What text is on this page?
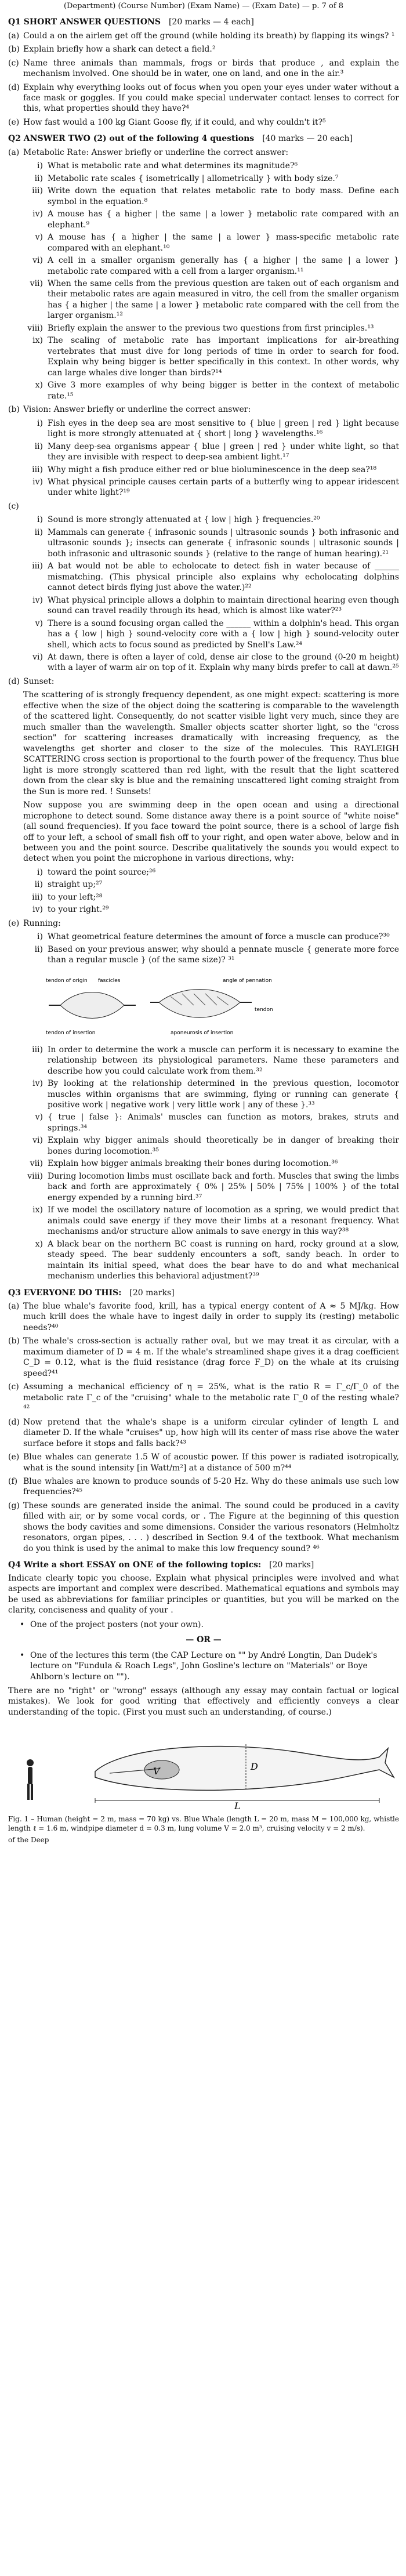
(Department) (Course Number) (Exam Name) — (Exam Date) — p. 7 of 8
Q1 SHORT ANSWER QUESTIONS [20 marks — 4 each]
(a) Could a on the airlem get off the ground (while holding its breath) by flapping its wings? ¹
(b) Explain briefly how a shark can detect a field.²
(c) Name three animals than mammals, frogs or birds that produce , and explain the mechanism involved. One should be in water, one on land, and one in the air.³
(d) Explain why everything looks out of focus when you open your eyes under water without a face mask or goggles. If you could make special underwater contact lenses to correct for this, what properties should they have?⁴
(e) How fast would a 100 kg Giant Goose fly, if it could, and why couldn't it?⁵
Q2 ANSWER TWO (2) out of the following 4 questions [40 marks — 20 each]
(a) Metabolic Rate: Answer briefly or underline the correct answer:
i) What is metabolic rate and what determines its magnitude?⁶
ii) Metabolic rate scales { isometrically | allometrically } with body size.⁷
iii) Write down the equation that relates metabolic rate to body mass. Define each symbol in the equation.⁸
iv) A mouse has { a higher | the same | a lower } metabolic rate compared with an elephant.⁹
v) A mouse has { a higher | the same | a lower } mass-specific metabolic rate compared with an elephant.¹⁰
vi) A cell in a smaller organism generally has { a higher | the same | a lower } metabolic rate compared with a cell from a larger organism.¹¹
vii) When the same cells from the previous question are taken out of each organism and their metabolic rates are again measured in vitro, the cell from the smaller organism has { a higher | the same | a lower } metabolic rate compared with the cell from the larger organism.¹²
viii) Briefly explain the answer to the previous two questions from first principles.¹³
ix) The scaling of metabolic rate has important implications for air-breathing vertebrates that must dive for long periods of time in order to search for food. Explain why being bigger is better specifically in this context. In other words, why can large whales dive longer than birds?¹⁴
x) Give 3 more examples of why being bigger is better in the context of metabolic rate.¹⁵
(b) Vision: Answer briefly or underline the correct answer:
i) Fish eyes in the deep sea are most sensitive to { blue | green | red } light because light is more strongly attenuated at { short | long } wavelengths.¹⁶
ii) Many deep-sea organisms appear { blue | green | red } under white light, so that they are invisible with respect to deep-sea ambient light.¹⁷
iii) Why might a fish produce either red or blue bioluminescence in the deep sea?¹⁸
iv) What physical principle causes certain parts of a butterfly wing to appear iridescent under white light?¹⁹
(c)
i) Sound is more strongly attenuated at { low | high } frequencies.²⁰
ii) Mammals can generate { infrasonic sounds | ultrasonic sounds } both infrasonic and ultrasonic sounds }; insects can generate { infrasonic sounds | ultrasonic sounds | both infrasonic and ultrasonic sounds } (relative to the range of human hearing).²¹
iii) A bat would not be able to echolocate to detect fish in water because of ______ mismatching. (This physical principle also explains why echolocating dolphins cannot detect birds flying just above the water.)²²
iv) What physical principle allows a dolphin to maintain directional hearing even though sound can travel readily through its head, which is almost like water?²³
v) There is a sound focusing organ called the ______ within a dolphin's head. This organ has a { low | high } sound-velocity core with a { low | high } sound-velocity outer shell, which acts to focus sound as predicted by Snell's Law.²⁴
vi) At dawn, there is often a layer of cold, dense air close to the ground (0-20 m height) with a layer of warm air on top of it. Explain why many birds prefer to call at dawn.²⁵
(d) Sunset:
The scattering of is strongly frequency dependent, as one might expect: scattering is more effective when the size of the object doing the scattering is comparable to the wavelength of the scattered light. Consequently, do not scatter visible light very much, since they are much smaller than the wavelength. Smaller objects scatter shorter light, so the "cross section" for scattering increases dramatically with increasing frequency, as the wavelengths get shorter and closer to the size of the molecules. This RAYLEIGH SCATTERING cross section is proportional to the fourth power of the frequency. Thus blue light is more strongly scattered than red light, with the result that the light scattered down from the clear sky is blue and the remaining unscattered light coming straight from the Sun is more red. ! Sunsets!
Now suppose you are swimming deep in the open ocean and using a directional microphone to detect sound. Some distance away there is a point source of "white noise" (all sound frequencies). If you face toward the point source, there is a school of large fish off to your left, a school of small fish off to your right, and open water above, below and in between you and the point source. Describe qualitatively the sounds you would expect to detect when you point the microphone in various directions, why:
i) toward the point source;²⁶
ii) straight up;²⁷
iii) to your left;²⁸
iv) to your right.²⁹
(e) Running:
i) What geometrical feature determines the amount of force a muscle can produce?³⁰
ii) Based on your previous answer, why should a pennate muscle { generate more force than a regular muscle } (of the same size)? ³¹
tendon of origin fascicles
tendon of insertion
angle of pennation
aponeurosis of insertion
tendon
iii) In order to determine the work a muscle can perform it is necessary to examine the relationship between its physiological parameters. Name these parameters and describe how you could calculate work from them.³²
iv) By looking at the relationship determined in the previous question, locomotor muscles within organisms that are swimming, flying or running can generate { positive work | negative work | very little work | any of these }.³³
v) { true | false }: Animals' muscles can function as motors, brakes, struts and springs.³⁴
vi) Explain why bigger animals should theoretically be in danger of breaking their bones during locomotion.³⁵
vii) Explain how bigger animals breaking their bones during locomotion.³⁶
viii) During locomotion limbs must oscillate back and forth. Muscles that swing the limbs back and forth are approximately { 0% | 25% | 50% | 75% | 100% } of the total energy expended by a running bird.³⁷
ix) If we model the oscillatory nature of locomotion as a spring, we would predict that animals could save energy if they move their limbs at a resonant frequency. What mechanisms and/or structure allow animals to save energy in this way?³⁸
x) A black bear on the northern BC coast is running on hard, rocky ground at a slow, steady speed. The bear suddenly encounters a soft, sandy beach. In order to maintain its initial speed, what does the bear have to do and what mechanical mechanism underlies this behavioral adjustment?³⁹
Q3 EVERYONE DO THIS: [20 marks]
(a) The blue whale's favorite food, krill, has a typical energy content of A ≈ 5 MJ/kg. How much krill does the whale have to ingest daily in order to supply its (resting) metabolic needs?⁴⁰
(b) The whale's cross-section is actually rather oval, but we may treat it as circular, with a maximum diameter of D = 4 m. If the whale's streamlined shape gives it a drag coefficient C_D = 0.12, what is the fluid resistance (drag force F_D) on the whale at its cruising speed?⁴¹
(c) Assuming a mechanical efficiency of η = 25%, what is the ratio R = Γ_c/Γ_0 of the metabolic rate Γ_c of the "cruising" whale to the metabolic rate Γ_0 of the resting whale?⁴²
(d) Now pretend that the whale's shape is a uniform circular cylinder of length L and diameter D. If the whale "cruises" up, how high will its center of mass rise above the water surface before it stops and falls back?⁴³
(e) Blue whales can generate 1.5 W of acoustic power. If this power is radiated isotropically, what is the sound intensity [in Watt/m²] at a distance of 500 m?⁴⁴
(f) Blue whales are known to produce sounds of 5-20 Hz. Why do these animals use such low frequencies?⁴⁵
(g) These sounds are generated inside the animal. The sound could be produced in a cavity filled with air, or by some vocal cords, or . The Figure at the beginning of this question shows the body cavities and some dimensions. Consider the various resonators (Helmholtz resonators, organ pipes, . . . ) described in Section 9.4 of the textbook. What mechanism do you think is used by the animal to make this low frequency sound? ⁴⁶
Q4 Write a short ESSAY on ONE of the following topics: [20 marks]
Indicate clearly topic you choose. Explain what physical principles were involved and what aspects are important and complex were described. Mathematical equations and symbols may be used as abbreviations for familiar principles or quantities, but you will be marked on the clarity, conciseness and quality of your .
• One of the project posters (not your own).
— OR —
• One of the lectures this term (the CAP Lecture on "" by André Longtin, Dan Dudek's lecture on "Fundula & Roach Legs", John Gosline's lecture on "Materials" or Boye Ahlborn's lecture on "").
There are no "right" or "wrong" essays (although any essay may contain factual or logical mistakes). We look for good writing that effectively and efficiently conveys a clear understanding of the topic. (First you must such an understanding, of course.)
V	D
L
Fig. 1 – Human (height = 2 m, mass = 70 kg) vs. Blue Whale (length L = 20 m, mass M = 100,000 kg, whistle length ℓ = 1.6 m, windpipe diameter d = 0.3 m, lung volume V = 2.0 m³, cruising velocity v = 2 m/s).
of the Deep
